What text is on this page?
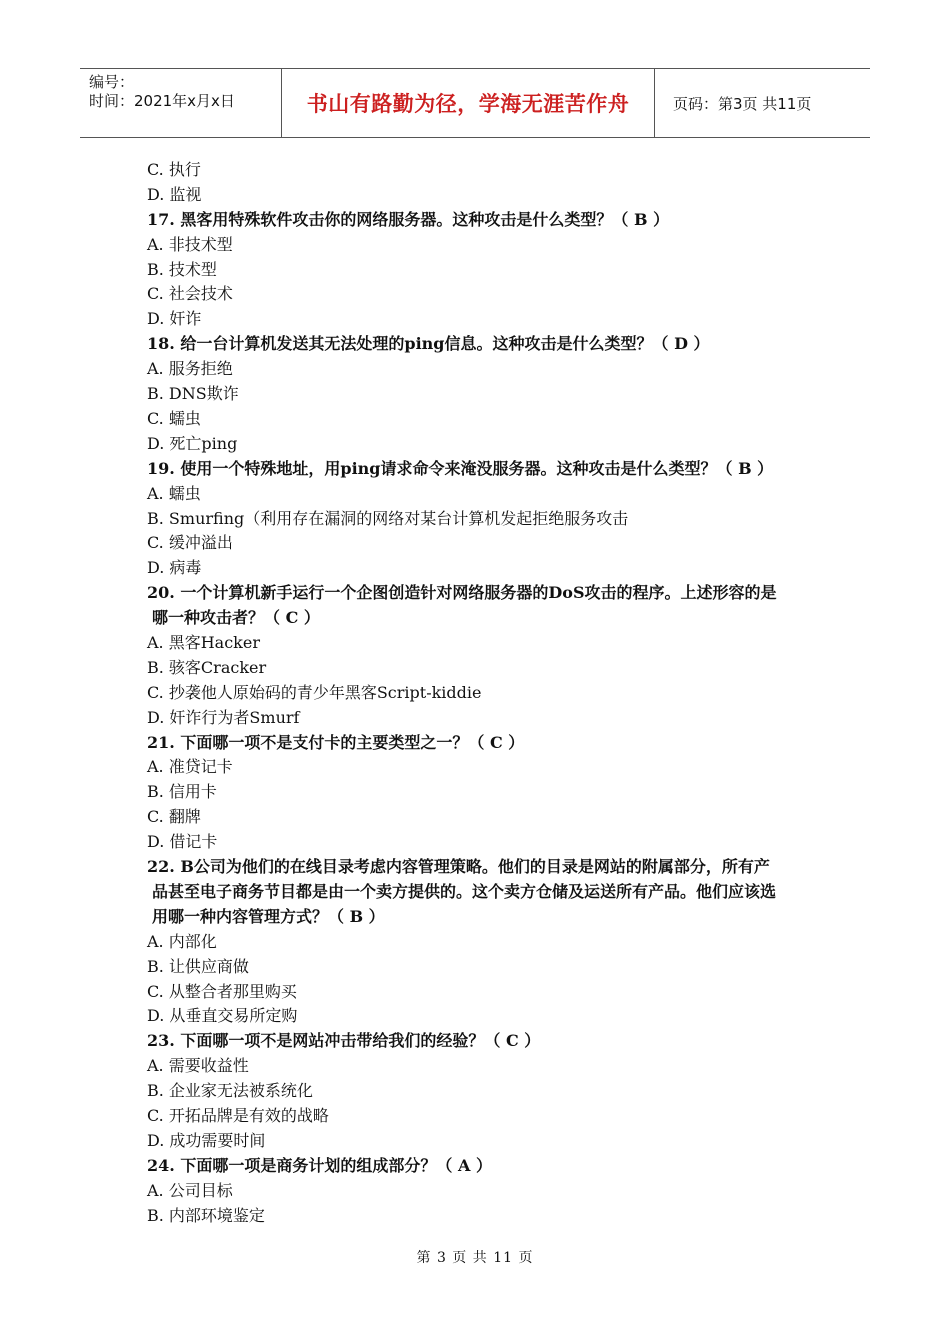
编号：
时间：2021年x月x日	书山有路勤为径，学海无涯苦作舟	页码：第3页 共11页
C. 执行
D. 监视
17. 黑客用特殊软件攻击你的网络服务器。这种攻击是什么类型？（ B ）
A. 非技术型
B. 技术型
C. 社会技术
D. 奸诈
18. 给一台计算机发送其无法处理的ping信息。这种攻击是什么类型？（ D ）
A. 服务拒绝
B. DNS欺诈
C. 蠕虫
D. 死亡ping
19. 使用一个特殊地址，用ping请求命令来淹没服务器。这种攻击是什么类型？（ B ）
A. 蠕虫
B. Smurfing（利用存在漏洞的网络对某台计算机发起拒绝服务攻击
C. 缓冲溢出
D. 病毒
20. 一个计算机新手运行一个企图创造针对网络服务器的DoS攻击的程序。上述形容的是
哪一种攻击者？（ C ）
A. 黑客Hacker
B. 骇客Cracker
C. 抄袭他人原始码的青少年黑客Script-kiddie
D. 奸诈行为者Smurf
21. 下面哪一项不是支付卡的主要类型之一？（ C ）
A. 准贷记卡
B. 信用卡
C. 翻牌
D. 借记卡
22. B公司为他们的在线目录考虑内容管理策略。他们的目录是网站的附属部分，所有产
品甚至电子商务节目都是由一个卖方提供的。这个卖方仓储及运送所有产品。他们应该选
用哪一种内容管理方式？（ B ）
A. 内部化
B. 让供应商做
C. 从整合者那里购买
D. 从垂直交易所定购
23. 下面哪一项不是网站冲击带给我们的经验？（ C ）
A. 需要收益性
B. 企业家无法被系统化
C. 开拓品牌是有效的战略
D. 成功需要时间
24. 下面哪一项是商务计划的组成部分？（ A ）
A. 公司目标
B. 内部环境鉴定
第 3 页 共 11 页
